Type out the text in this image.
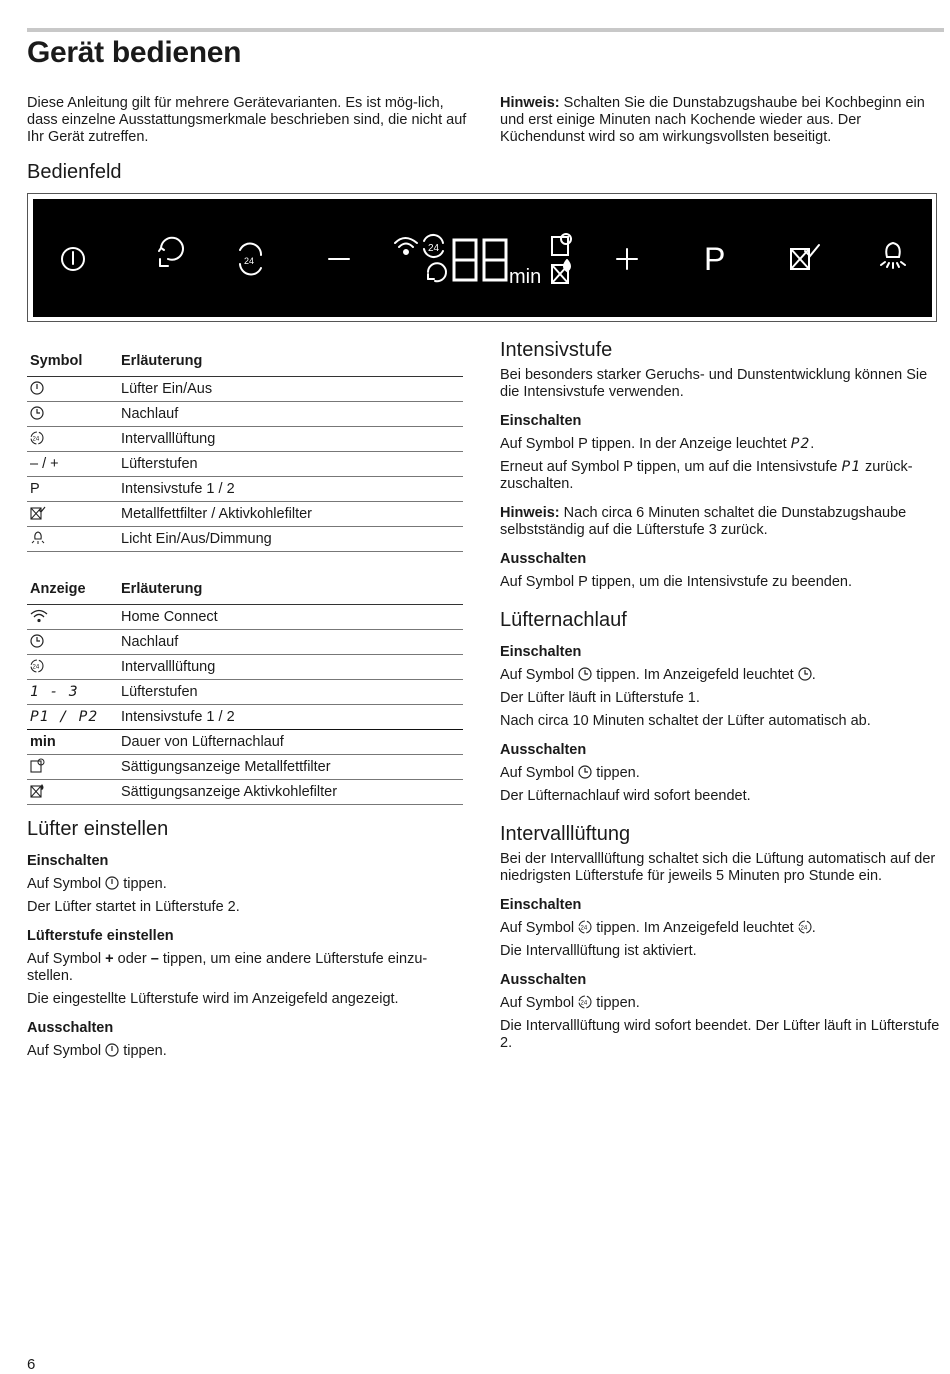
Gerät bedienen

Diese Anleitung gilt für mehrere Gerätevarianten. Es ist mög-lich, dass einzelne Ausstattungsmerkmale beschrieben sind, die nicht auf Ihr Gerät zutreffen.

Hinweis: Schalten Sie die Dunstabzugshaube bei Kochbeginn ein und erst einige Minuten nach Kochende wieder aus. Der Küchendunst wird so am wirkungsvollsten beseitigt.

Bedienfeld
24
24
min	P
Symbol	Erläuterung
	Lüfter Ein/Aus
	Nachlauf

24	Intervalllüftung
– / +	Lüfterstufen
P	Intensivstufe 1 / 2
	Metallfettfilter / Aktivkohlefilter
	Licht Ein/Aus/Dimmung
Anzeige	Erläuterung
	Home Connect
	Nachlauf

24	Intervalllüftung
1 - 3	Lüfterstufen
P1 / P2	Intensivstufe 1 / 2
min	Dauer von Lüfternachlauf
	Sättigungsanzeige Metallfettfilter
	Sättigungsanzeige Aktivkohlefilter
Lüfter einstellen

Einschalten

Auf Symbol  tippen.

Der Lüfter startet in Lüfterstufe 2.

Lüfterstufe einstellen

Auf Symbol + oder – tippen, um eine andere Lüfterstufe einzu-stellen.

Die eingestellte Lüfterstufe wird im Anzeigefeld angezeigt.

Ausschalten

Auf Symbol  tippen.

Intensivstufe

Bei besonders starker Geruchs- und Dunstentwicklung können Sie die Intensivstufe verwenden.

Einschalten

Auf Symbol P tippen. In der Anzeige leuchtet P2.

Erneut auf Symbol P tippen, um auf die Intensivstufe P1 zurück-zuschalten.

Hinweis: Nach circa 6 Minuten schaltet die Dunstabzugshaube selbstständig auf die Lüfterstufe 3 zurück.

Ausschalten

Auf Symbol P tippen, um die Intensivstufe zu beenden.

Lüfternachlauf

Einschalten

Auf Symbol  tippen. Im Anzeigefeld leuchtet .

Der Lüfter läuft in Lüfterstufe 1.

Nach circa 10 Minuten schaltet der Lüfter automatisch ab.

Ausschalten

Auf Symbol  tippen.

Der Lüfternachlauf wird sofort beendet.

Intervalllüftung

Bei der Intervalllüftung schaltet sich die Lüftung automatisch auf der niedrigsten Lüfterstufe für jeweils 5 Minuten pro Stunde ein.

Einschalten

Auf Symbol 24 tippen. Im Anzeigefeld leuchtet 24 .

Die Intervalllüftung ist aktiviert.

Ausschalten

Auf Symbol 24 tippen.

Die Intervalllüftung wird sofort beendet. Der Lüfter läuft in Lüfterstufe 2.

6
